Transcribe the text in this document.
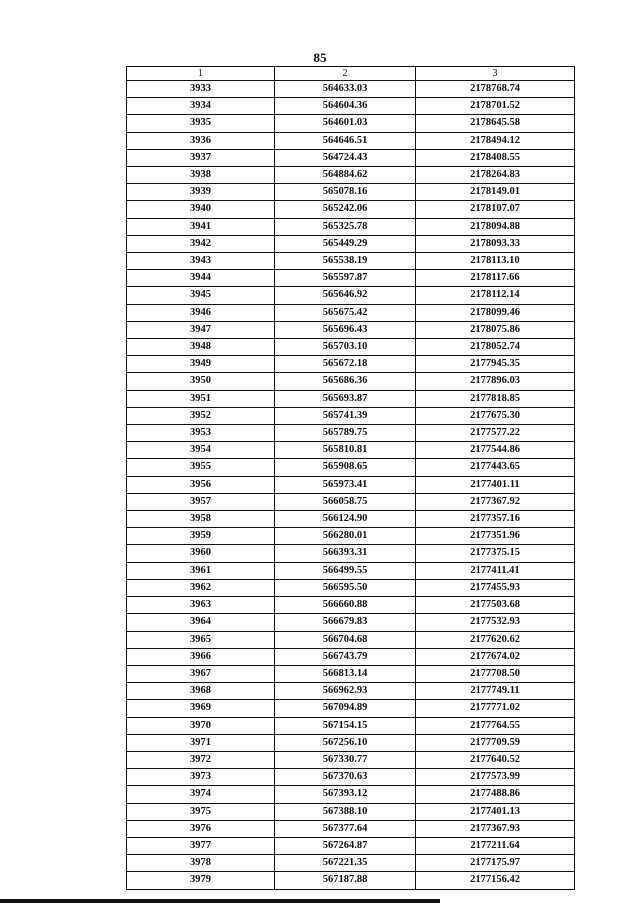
85
1	2	3
3933	564633.03	2178768.74
3934	564604.36	2178701.52
3935	564601.03	2178645.58
3936	564646.51	2178494.12
3937	564724.43	2178408.55
3938	564884.62	2178264.83
3939	565078.16	2178149.01
3940	565242.06	2178107.07
3941	565325.78	2178094.88
3942	565449.29	2178093.33
3943	565538.19	2178113.10
3944	565597.87	2178117.66
3945	565646.92	2178112.14
3946	565675.42	2178099.46
3947	565696.43	2178075.86
3948	565703.10	2178052.74
3949	565672.18	2177945.35
3950	565686.36	2177896.03
3951	565693.87	2177818.85
3952	565741.39	2177675.30
3953	565789.75	2177577.22
3954	565810.81	2177544.86
3955	565908.65	2177443.65
3956	565973.41	2177401.11
3957	566058.75	2177367.92
3958	566124.90	2177357.16
3959	566280.01	2177351.96
3960	566393.31	2177375.15
3961	566499.55	2177411.41
3962	566595.50	2177455.93
3963	566660.88	2177503.68
3964	566679.83	2177532.93
3965	566704.68	2177620.62
3966	566743.79	2177674.02
3967	566813.14	2177708.50
3968	566962.93	2177749.11
3969	567094.89	2177771.02
3970	567154.15	2177764.55
3971	567256.10	2177709.59
3972	567330.77	2177640.52
3973	567370.63	2177573.99
3974	567393.12	2177488.86
3975	567388.10	2177401.13
3976	567377.64	2177367.93
3977	567264.87	2177211.64
3978	567221.35	2177175.97
3979	567187.88	2177156.42
